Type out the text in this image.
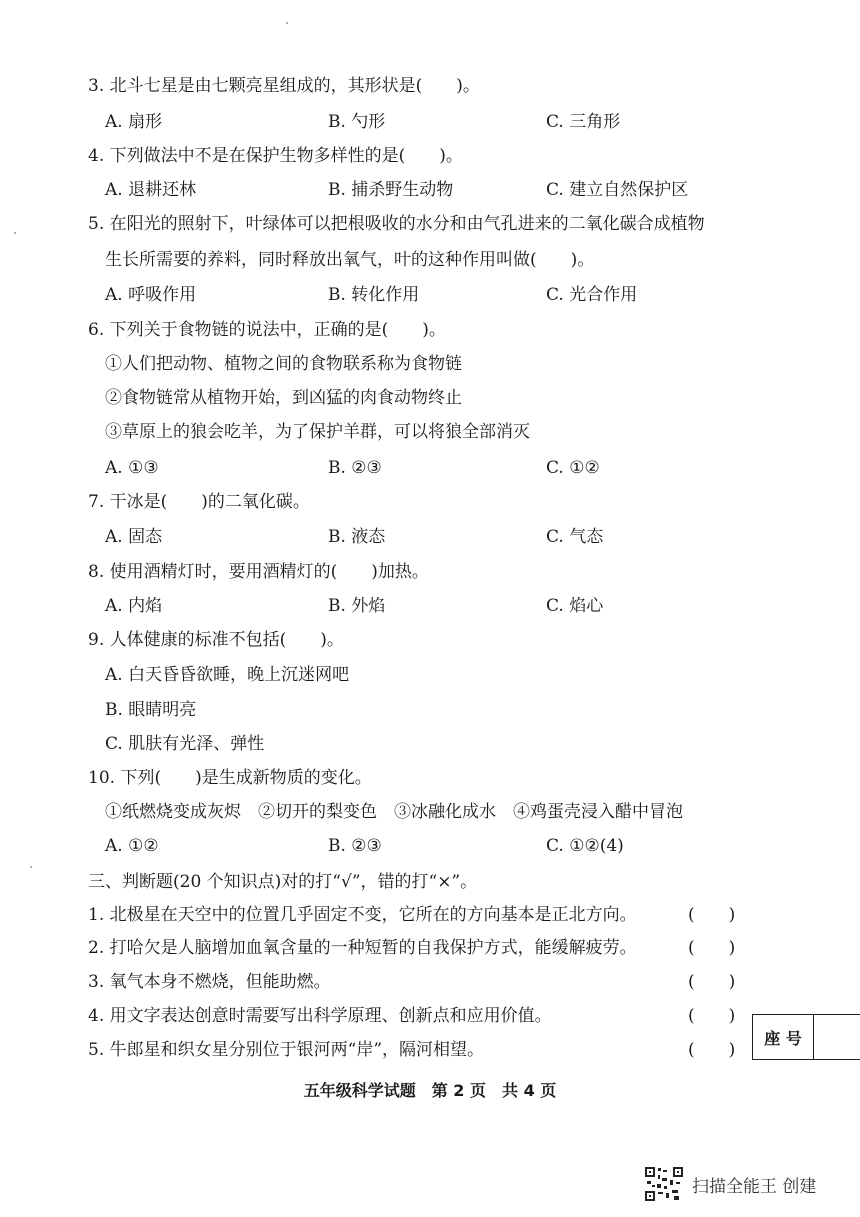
3. 北斗七星是由七颗亮星组成的，其形状是(　　)。
A. 扇形	B. 勺形	C. 三角形
4. 下列做法中不是在保护生物多样性的是(　　)。
A. 退耕还林	B. 捕杀野生动物	C. 建立自然保护区
5. 在阳光的照射下，叶绿体可以把根吸收的水分和由气孔进来的二氧化碳合成植物
生长所需要的养料，同时释放出氧气，叶的这种作用叫做(　　)。
A. 呼吸作用	B. 转化作用	C. 光合作用
6. 下列关于食物链的说法中，正确的是(　　)。
①人们把动物、植物之间的食物联系称为食物链
②食物链常从植物开始，到凶猛的肉食动物终止
③草原上的狼会吃羊，为了保护羊群，可以将狼全部消灭
A. ①③	B. ②③	C. ①②
7. 干冰是(　　)的二氧化碳。
A. 固态	B. 液态	C. 气态
8. 使用酒精灯时，要用酒精灯的(　　)加热。
A. 内焰	B. 外焰	C. 焰心
9. 人体健康的标准不包括(　　)。
A. 白天昏昏欲睡，晚上沉迷网吧
B. 眼睛明亮
C. 肌肤有光泽、弹性
10. 下列(　　)是生成新物质的变化。
①纸燃烧变成灰烬　②切开的梨变色　③冰融化成水　④鸡蛋壳浸入醋中冒泡
A. ①②	B. ②③	C. ①②(4)
三、判断题(20 个知识点)对的打“√”，错的打“×”。
1. 北极星在天空中的位置几乎固定不变，它所在的方向基本是正北方向。	(　　)
2. 打哈欠是人脑增加血氧含量的一种短暂的自我保护方式，能缓解疲劳。	(　　)
3. 氧气本身不燃烧，但能助燃。	(　　)
4. 用文字表达创意时需要写出科学原理、创新点和应用价值。	(　　)
5. 牛郎星和织女星分别位于银河两“岸”，隔河相望。	(　　)
座 号
五年级科学试题　第 2 页　共 4 页
扫描全能王 创建
